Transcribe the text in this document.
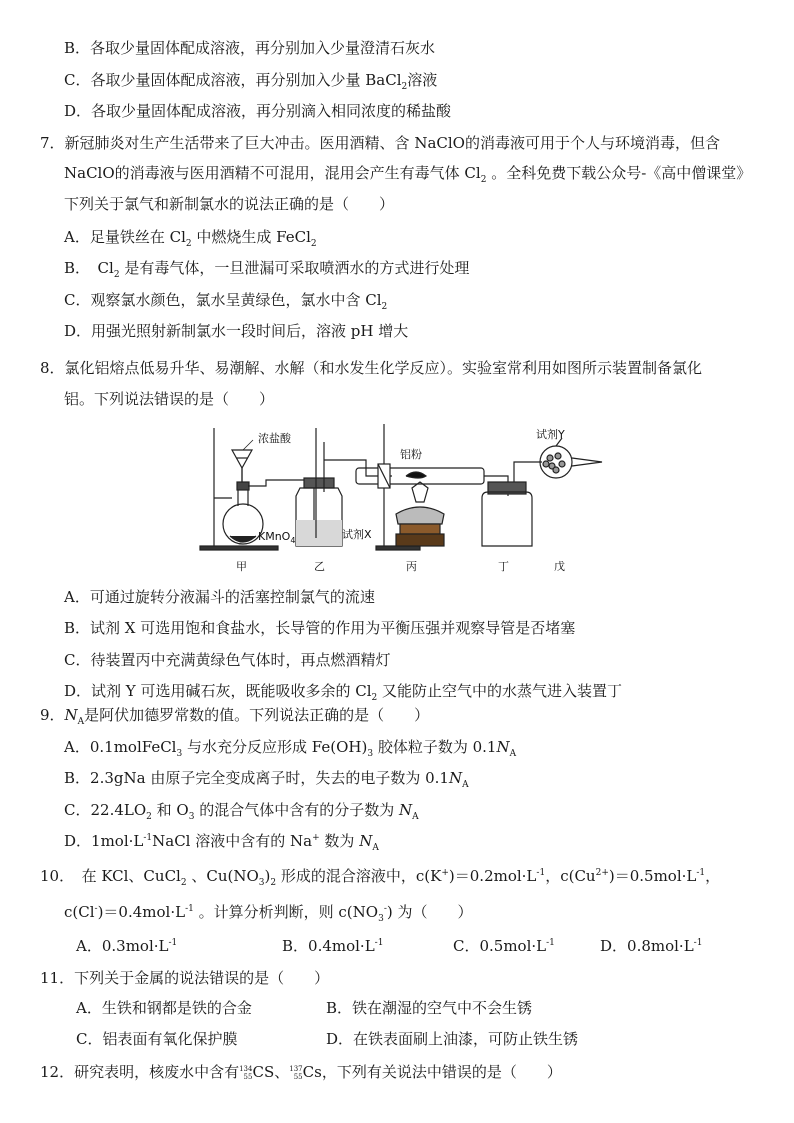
B．各取少量固体配成溶液，再分别加入少量澄清石灰水
C．各取少量固体配成溶液，再分别加入少量 BaCl$_2$溶液
D．各取少量固体配成溶液，再分别滴入相同浓度的稀盐酸
7．新冠肺炎对生产生活带来了巨大冲击。医用酒精、含 NaClO的消毒液可用于个人与环境消毒，但含
NaClO的消毒液与医用酒精不可混用，混用会产生有毒气体 $Cl_2$ 。全科免费下载公众号-《高中僧课堂》
下列关于氯气和新制氯水的说法正确的是（　　）
A．足量铁丝在 $Cl_2$ 中燃烧生成 FeCl$_2$
B．　$Cl_2$ 是有毒气体，一旦泄漏可采取喷洒水的方式进行处理
C．观察氯水颜色，氯水呈黄绿色，氯水中含 $Cl_2$
D．用强光照射新制氯水一段时间后，溶液 pH 增大
8．氯化铝熔点低易升华、易潮解、水解（和水发生化学反应）。实验室常利用如图所示装置制备氯化
铝。下列说法错误的是（　　）
浓盐酸
KMnO$_4$	试剂X
铝粉
试剂Y
甲	乙	丙	丁	戊
A．可通过旋转分液漏斗的活塞控制氯气的流速
B．试剂 X 可选用饱和食盐水，长导管的作用为平衡压强并观察导管是否堵塞
C．待装置丙中充满黄绿色气体时，再点燃酒精灯
D．试剂 Y 可选用碱石灰，既能吸收多余的 $Cl_2$ 又能防止空气中的水蒸气进入装置丁
9．$N_A$是阿伏加德罗常数的值。下列说法正确的是（　　）
A．0.1molFeCl$_3$ 与水充分反应形成 $Fe(OH)_3$ 胶体粒子数为 $0.1N_A$
B．2.3gNa 由原子完全变成离子时，失去的电子数为 $0.1N_A$
C．$22.4LO_2$ 和 $O_3$ 的混合气体中含有的分子数为 $N_A$
D．$1mol\cdot L^{-1}NaCl$ 溶液中含有的 Na+ 数为 $N_A$
10．　在 KCl、CuCl$_2$ 、$Cu(NO_3)_2$ 形成的混合溶液中，$c(K^+)=0.2mol\cdot L^{-1}$，$c(Cu^{2+})=0.5mol\cdot L^{-1}$，
$c(Cl^-)=0.4mol\cdot L^{-1}$ 。计算分析判断，则 $c(NO_3^-)$ 为（　　）
A．$0.3mol\cdot L^{-1}$	B．$0.4mol\cdot L^{-1}$	C．$0.5mol\cdot L^{-1}$	D．$0.8mol\cdot L^{-1}$
11．下列关于金属的说法错误的是（　　）
A．生铁和钢都是铁的合金	B．铁在潮湿的空气中不会生锈
C．铝表面有氧化保护膜	D．在铁表面刷上油漆，可防止铁生锈
12．研究表明，核废水中含有 134
55 CS、 137
55 Cs，下列有关说法中错误的是（　　）
